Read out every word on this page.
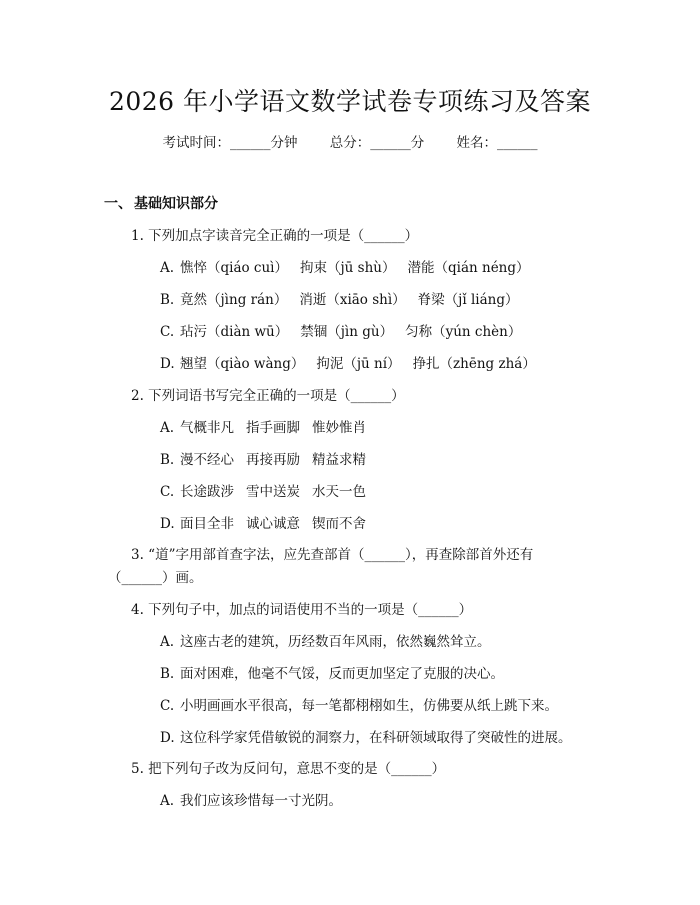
2026 年小学语文数学试卷专项练习及答案
考试时间：______分钟 总分：______分 姓名：______
一、 基础知识部分
1. 下列加点字读音完全正确的一项是（______）
A. 憔悴（qiáo cuì） 拘束（jū shù） 潜能（qián néng）
B. 竟然（jìng rán） 消逝（xiāo shì） 脊梁（jǐ liáng）
C. 玷污（diàn wū） 禁锢（jìn gù） 匀称（yún chèn）
D. 翘望（qiào wàng） 拘泥（jū ní） 挣扎（zhēng zhá）
2. 下列词语书写完全正确的一项是（______）
A. 气概非凡 指手画脚 惟妙惟肖
B. 漫不经心 再接再励 精益求精
C. 长途跋涉 雪中送炭 水天一色
D. 面目全非 诚心诚意 锲而不舍
3. “道”字用部首查字法，应先查部首（______），再查除部首外还有
（______）画。
4. 下列句子中，加点的词语使用不当的一项是（______）
A. 这座古老的建筑，历经数百年风雨，依然巍然耸立。
B. 面对困难，他毫不气馁，反而更加坚定了克服的决心。
C. 小明画画水平很高，每一笔都栩栩如生，仿佛要从纸上跳下来。
D. 这位科学家凭借敏锐的洞察力，在科研领域取得了突破性的进展。
5. 把下列句子改为反问句，意思不变的是（______）
A. 我们应该珍惜每一寸光阴。
